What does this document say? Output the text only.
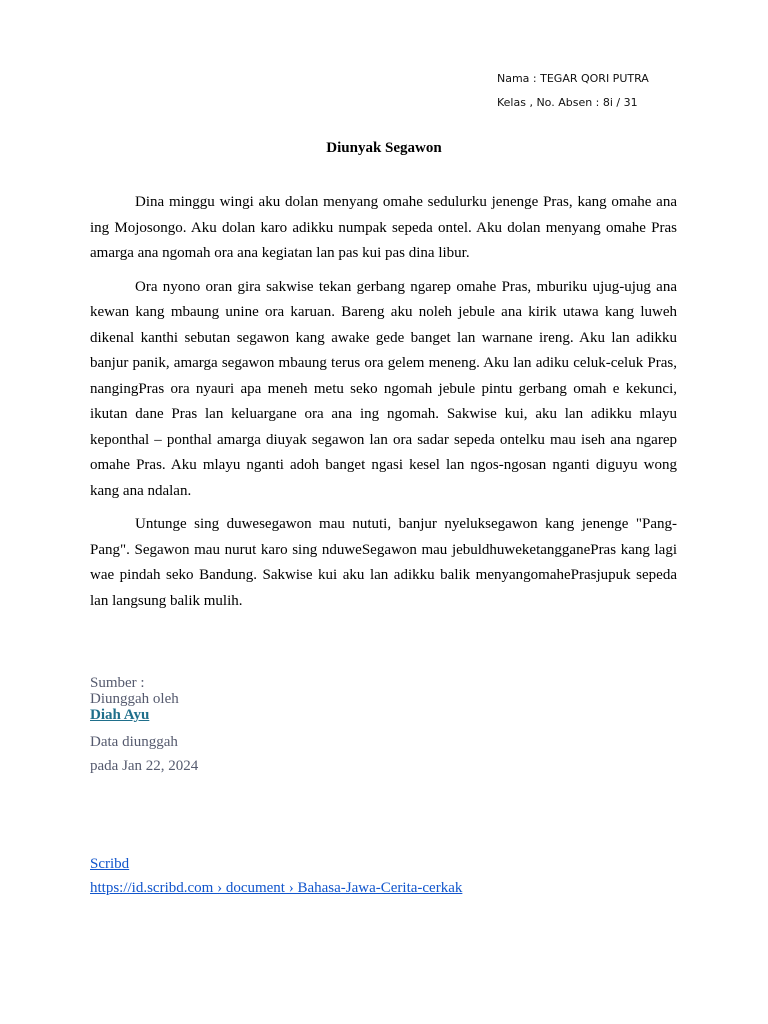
Nama : TEGAR QORI PUTRA
Kelas , No. Absen : 8i / 31
Diunyak Segawon

Dina minggu wingi aku dolan menyang omahe sedulurku jenenge Pras, kang omahe ana ing Mojosongo. Aku dolan karo adikku numpak sepeda ontel. Aku dolan menyang omahe Pras amarga ana ngomah ora ana kegiatan lan pas kui pas dina libur.

Ora nyono oran gira sakwise tekan gerbang ngarep omahe Pras, mburiku ujug-ujug ana kewan kang mbaung unine ora karuan. Bareng aku noleh jebule ana kirik utawa kang luweh dikenal kanthi sebutan segawon kang awake gede banget lan warnane ireng. Aku lan adikku banjur panik, amarga segawon mbaung terus ora gelem meneng. Aku lan adiku celuk-celuk Pras, nangingPras ora nyauri apa meneh metu seko ngomah jebule pintu gerbang omah e kekunci, ikutan dane Pras lan keluargane ora ana ing ngomah. Sakwise kui, aku lan adikku mlayu keponthal – ponthal amarga diuyak segawon lan ora sadar sepeda ontelku mau iseh ana ngarep omahe Pras. Aku mlayu nganti adoh banget ngasi kesel lan ngos-ngosan nganti diguyu wong kang ana ndalan.

Untunge sing duwesegawon mau nututi, banjur nyeluksegawon kang jenenge "Pang-Pang". Segawon mau nurut karo sing nduweSegawon mau jebuldhuweketangganePras kang lagi wae pindah seko Bandung. Sakwise kui aku lan adikku balik menyangomahePrasjupuk sepeda lan langsung balik mulih.

Sumber :
Diunggah oleh
Diah Ayu
Data diunggah
pada Jan 22, 2024
Scribd
https://id.scribd.com › document › Bahasa-Jawa-Cerita-cerkak
